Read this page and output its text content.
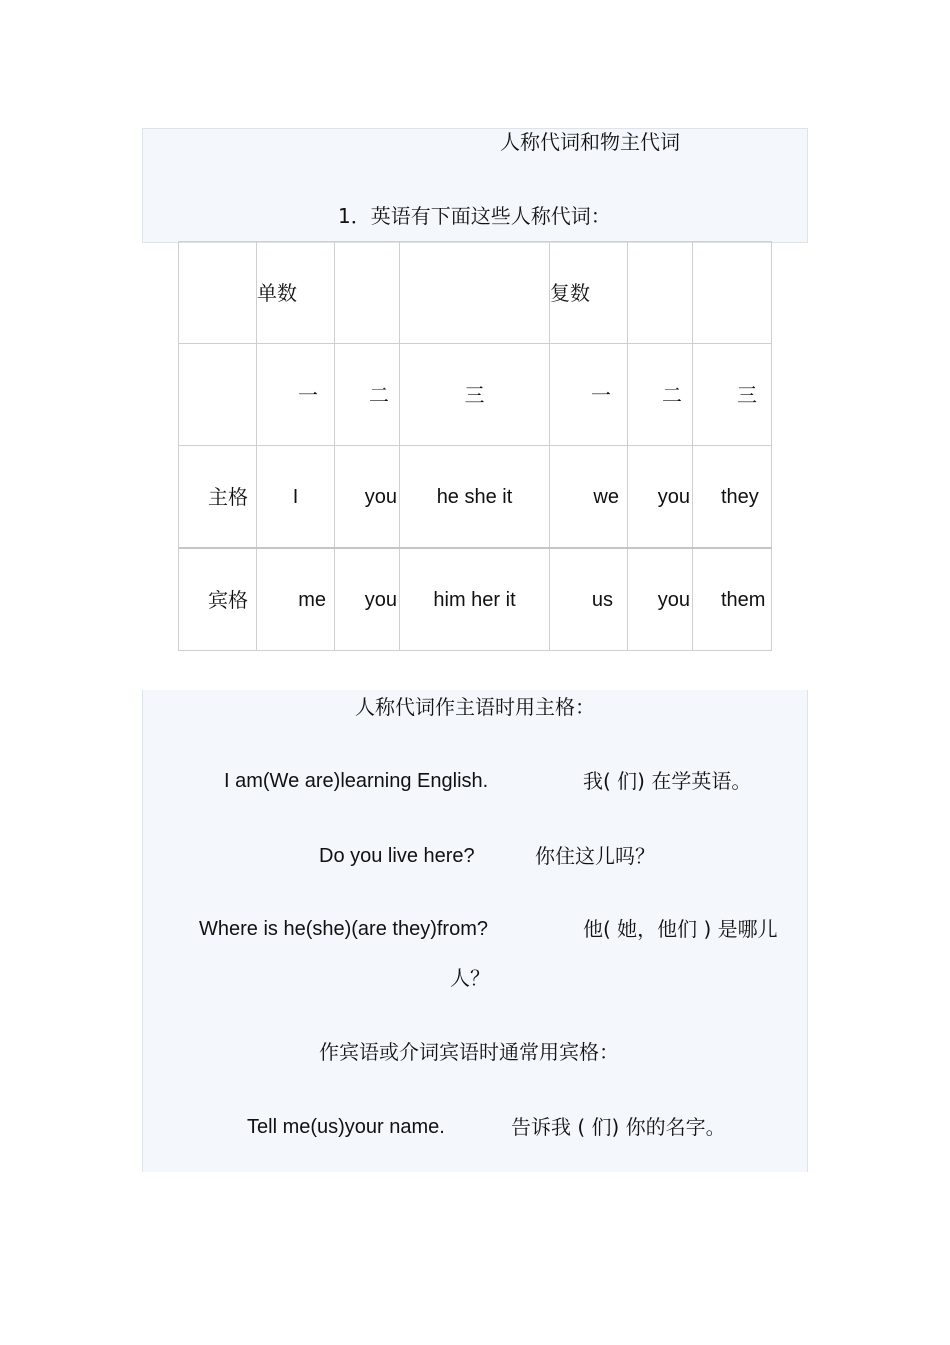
人称代词和物主代词
1．英语有下面这些人称代词：
	单数			复数		
	一	二	三	一	二	三
主格	I	you	he she it	we	you	they
宾格	me	you	him her it	us	you	them
人称代词作主语时用主格：
I am(We are)learning English.	我( 们) 在学英语。
Do you live here?	你住这儿吗？
Where is he(she)(are they)from?	他( 她，他们 ) 是哪儿
人？
作宾语或介词宾语时通常用宾格：
Tell me(us)your name.	告诉我 ( 们) 你的名字。
